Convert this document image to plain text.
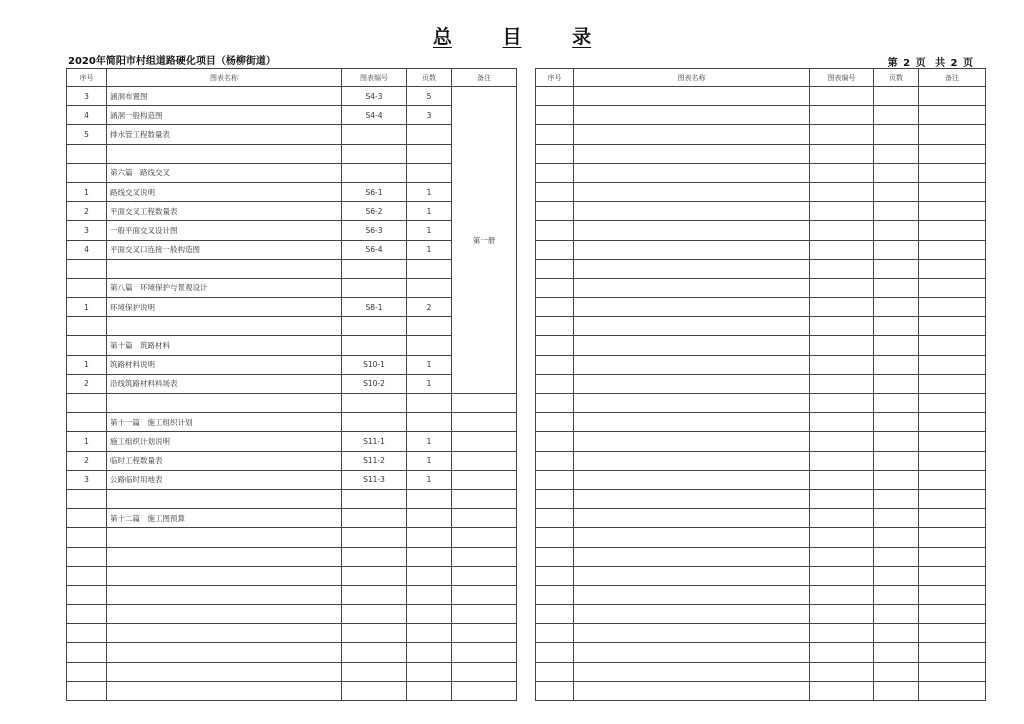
总	目	录
2020年简阳市村组道路硬化项目（杨柳街道）	第 2 页 共 2 页
序号	图表名称	图表编号	页数	备注
3	涵洞布置图	S4-3	5	第一册
4	涵洞一般构造图	S4-4	3	
5	排水管工程数量表			

	第六篇　路线交叉			
1	路线交叉说明	S6-1	1	
2	平面交叉工程数量表	S6-2	1	
3	一般平面交叉设计图	S6-3	1	
4	平面交叉口连接一般构造图	S6-4	1	

	第八篇　环境保护与景观设计			
1	环境保护说明	S8-1	2	

	第十篇　筑路材料			
1	筑路材料说明	S10-1	1	
2	沿线筑路材料料场表	S10-2	1	

	第十一篇　施工组织计划			
1	施工组织计划说明	S11-1	1	
2	临时工程数量表	S11-2	1	
3	公路临时用地表	S11-3	1	

	第十二篇　施工图预算			

序号	图表名称	图表编号	页数	备注
